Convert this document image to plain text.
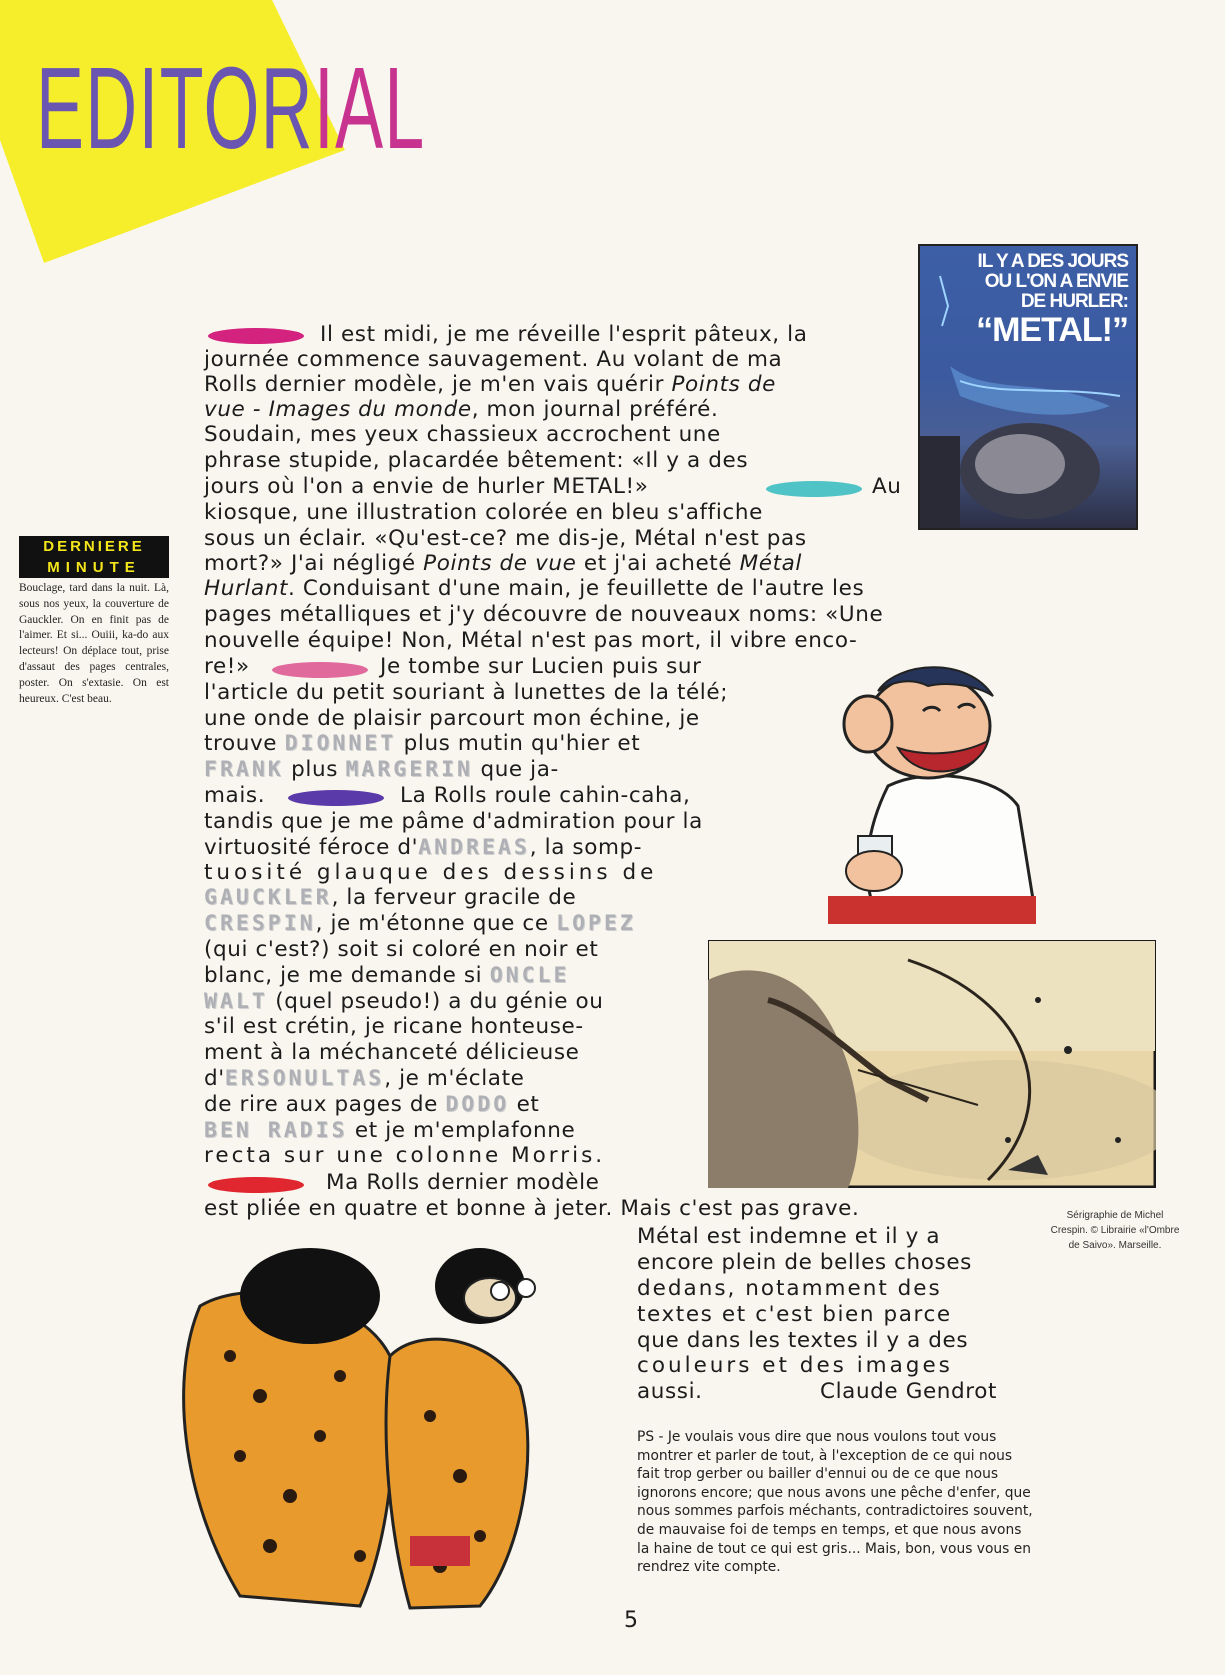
EDITORIAL
IL Y A DES JOURS
OU L'ON A ENVIE
DE HURLER:
“METAL!”
DERNIERE
MINUTE
Bouclage, tard dans la nuit. Là, sous nos yeux, la couverture de Gauckler. On en finit pas de l'aimer. Et si... Ouiii, ka-do aux lecteurs! On déplace tout, prise d'assaut des pages centrales, poster. On s'extasie. On est heureux. C'est beau.
Il est midi, je me réveille l'esprit pâteux, la
journée commence sauvagement. Au volant de ma
Rolls dernier modèle, je m'en vais quérir Points de
vue - Images du monde, mon journal préféré.
Soudain, mes yeux chassieux accrochent une
phrase stupide, placardée bêtement: «Il y a des
jours où l'on a envie de hurler METAL!»	Au
kiosque, une illustration colorée en bleu s'affiche
sous un éclair. «Qu'est-ce? me dis-je, Métal n'est pas
mort?» J'ai négligé Points de vue et j'ai acheté Métal
Hurlant. Conduisant d'une main, je feuillette de l'autre les
pages métalliques et j'y découvre de nouveaux noms: «Une
nouvelle équipe! Non, Métal n'est pas mort, il vibre enco-
re!»	Je tombe sur Lucien puis sur
l'article du petit souriant à lunettes de la télé;
une onde de plaisir parcourt mon échine, je
trouve DIONNET plus mutin qu'hier et
FRANK plus MARGERIN que ja-
mais.	La Rolls roule cahin-caha,
tandis que je me pâme d'admiration pour la
virtuosité féroce d'ANDREAS, la somp-
tuosité glauque des dessins de
GAUCKLER, la ferveur gracile de
CRESPIN, je m'étonne que ce LOPEZ
(qui c'est?) soit si coloré en noir et
blanc, je me demande si ONCLE
WALT (quel pseudo!) a du génie ou
s'il est crétin, je ricane honteuse-
ment à la méchanceté délicieuse
d'ERSONULTAS, je m'éclate
de rire aux pages de DODO et
BEN RADIS et je m'emplafonne
recta sur une colonne Morris.
Ma Rolls dernier modèle
est pliée en quatre et bonne à jeter. Mais c'est pas grave.
Métal est indemne et il y a
encore plein de belles choses
dedans, notamment des
textes et c'est bien parce
que dans les textes il y a des
couleurs et des images
aussi.	Claude Gendrot
Sérigraphie de Michel Crespin. © Librairie «l'Ombre de Saivo». Marseille.
PS - Je voulais vous dire que nous voulons tout vous montrer et parler de tout, à l'exception de ce qui nous fait trop gerber ou bailler d'ennui ou de ce que nous ignorons encore; que nous avons une pêche d'enfer, que nous sommes parfois méchants, contradictoires souvent, de mauvaise foi de temps en temps, et que nous avons la haine de tout ce qui est gris... Mais, bon, vous vous en rendrez vite compte.
5
